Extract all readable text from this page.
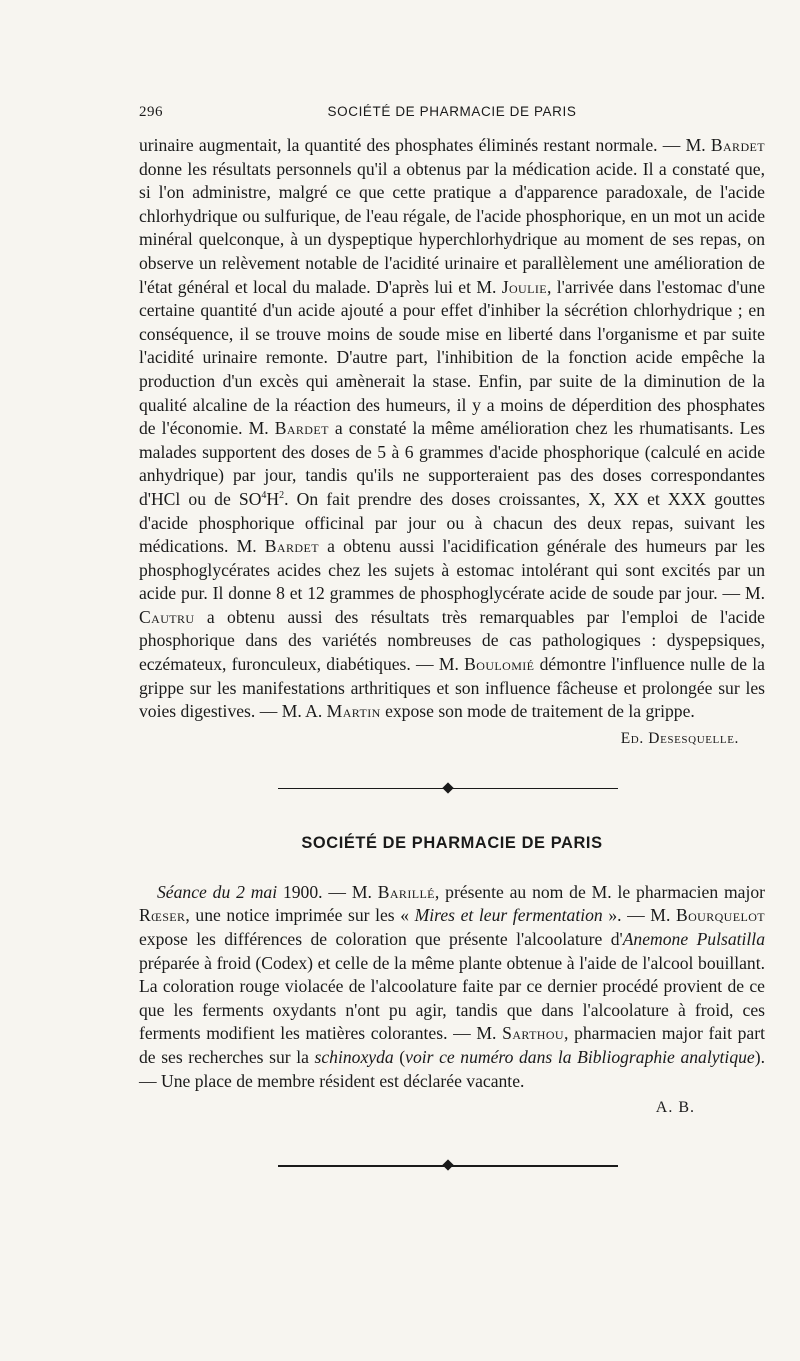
296	SOCIÉTÉ DE PHARMACIE DE PARIS

urinaire augmentait, la quantité des phosphates éliminés restant normale. — M. Bardet donne les résultats personnels qu'il a obtenus par la médication acide. Il a constaté que, si l'on administre, malgré ce que cette pratique a d'apparence paradoxale, de l'acide chlorhydrique ou sulfurique, de l'eau régale, de l'acide phosphorique, en un mot un acide minéral quelconque, à un dyspeptique hyperchlorhydrique au moment de ses repas, on observe un relèvement notable de l'acidité urinaire et parallèlement une amélioration de l'état général et local du malade. D'après lui et M. Joulie, l'arrivée dans l'estomac d'une certaine quantité d'un acide ajouté a pour effet d'inhiber la sécrétion chlorhydrique ; en conséquence, il se trouve moins de soude mise en liberté dans l'organisme et par suite l'acidité urinaire remonte. D'autre part, l'inhibition de la fonction acide empêche la production d'un excès qui amènerait la stase. Enfin, par suite de la diminution de la qualité alcaline de la réaction des humeurs, il y a moins de déperdition des phosphates de l'économie. M. Bardet a constaté la même amélioration chez les rhumatisants. Les malades supportent des doses de 5 à 6 grammes d'acide phosphorique (calculé en acide anhydrique) par jour, tandis qu'ils ne supporteraient pas des doses correspondantes d'HCl ou de $SO^4H^2$. On fait prendre des doses croissantes, X, XX et XXX gouttes d'acide phosphorique officinal par jour ou à chacun des deux repas, suivant les médications. M. Bardet a obtenu aussi l'acidification générale des humeurs par les phosphoglycérates acides chez les sujets à estomac intolérant qui sont excités par un acide pur. Il donne 8 et 12 grammes de phosphoglycérate acide de soude par jour. — M. Cautru a obtenu aussi des résultats très remarquables par l'emploi de l'acide phosphorique dans des variétés nombreuses de cas pathologiques : dyspepsiques, eczémateux, furonculeux, diabétiques. — M. Boulomié démontre l'influence nulle de la grippe sur les manifestations arthritiques et son influence fâcheuse et prolongée sur les voies digestives. — M. A. Martin expose son mode de traitement de la grippe.

Ed. Desesquelle.
SOCIÉTÉ DE PHARMACIE DE PARIS

Séance du 2 mai 1900. — M. Barillé, présente au nom de M. le pharmacien major Rœser, une notice imprimée sur les « Mires et leur fermentation ». — M. Bourquelot expose les différences de coloration que présente l'alcoolature d'Anemone Pulsatilla préparée à froid (Codex) et celle de la même plante obtenue à l'aide de l'alcool bouillant. La coloration rouge violacée de l'alcoolature faite par ce dernier procédé provient de ce que les ferments oxydants n'ont pu agir, tandis que dans l'alcoolature à froid, ces ferments modifient les matières colorantes. — M. Sarthou, pharmacien major fait part de ses recherches sur la schinoxyda (voir ce numéro dans la Bibliographie analytique). — Une place de membre résident est déclarée vacante.

A. B.
